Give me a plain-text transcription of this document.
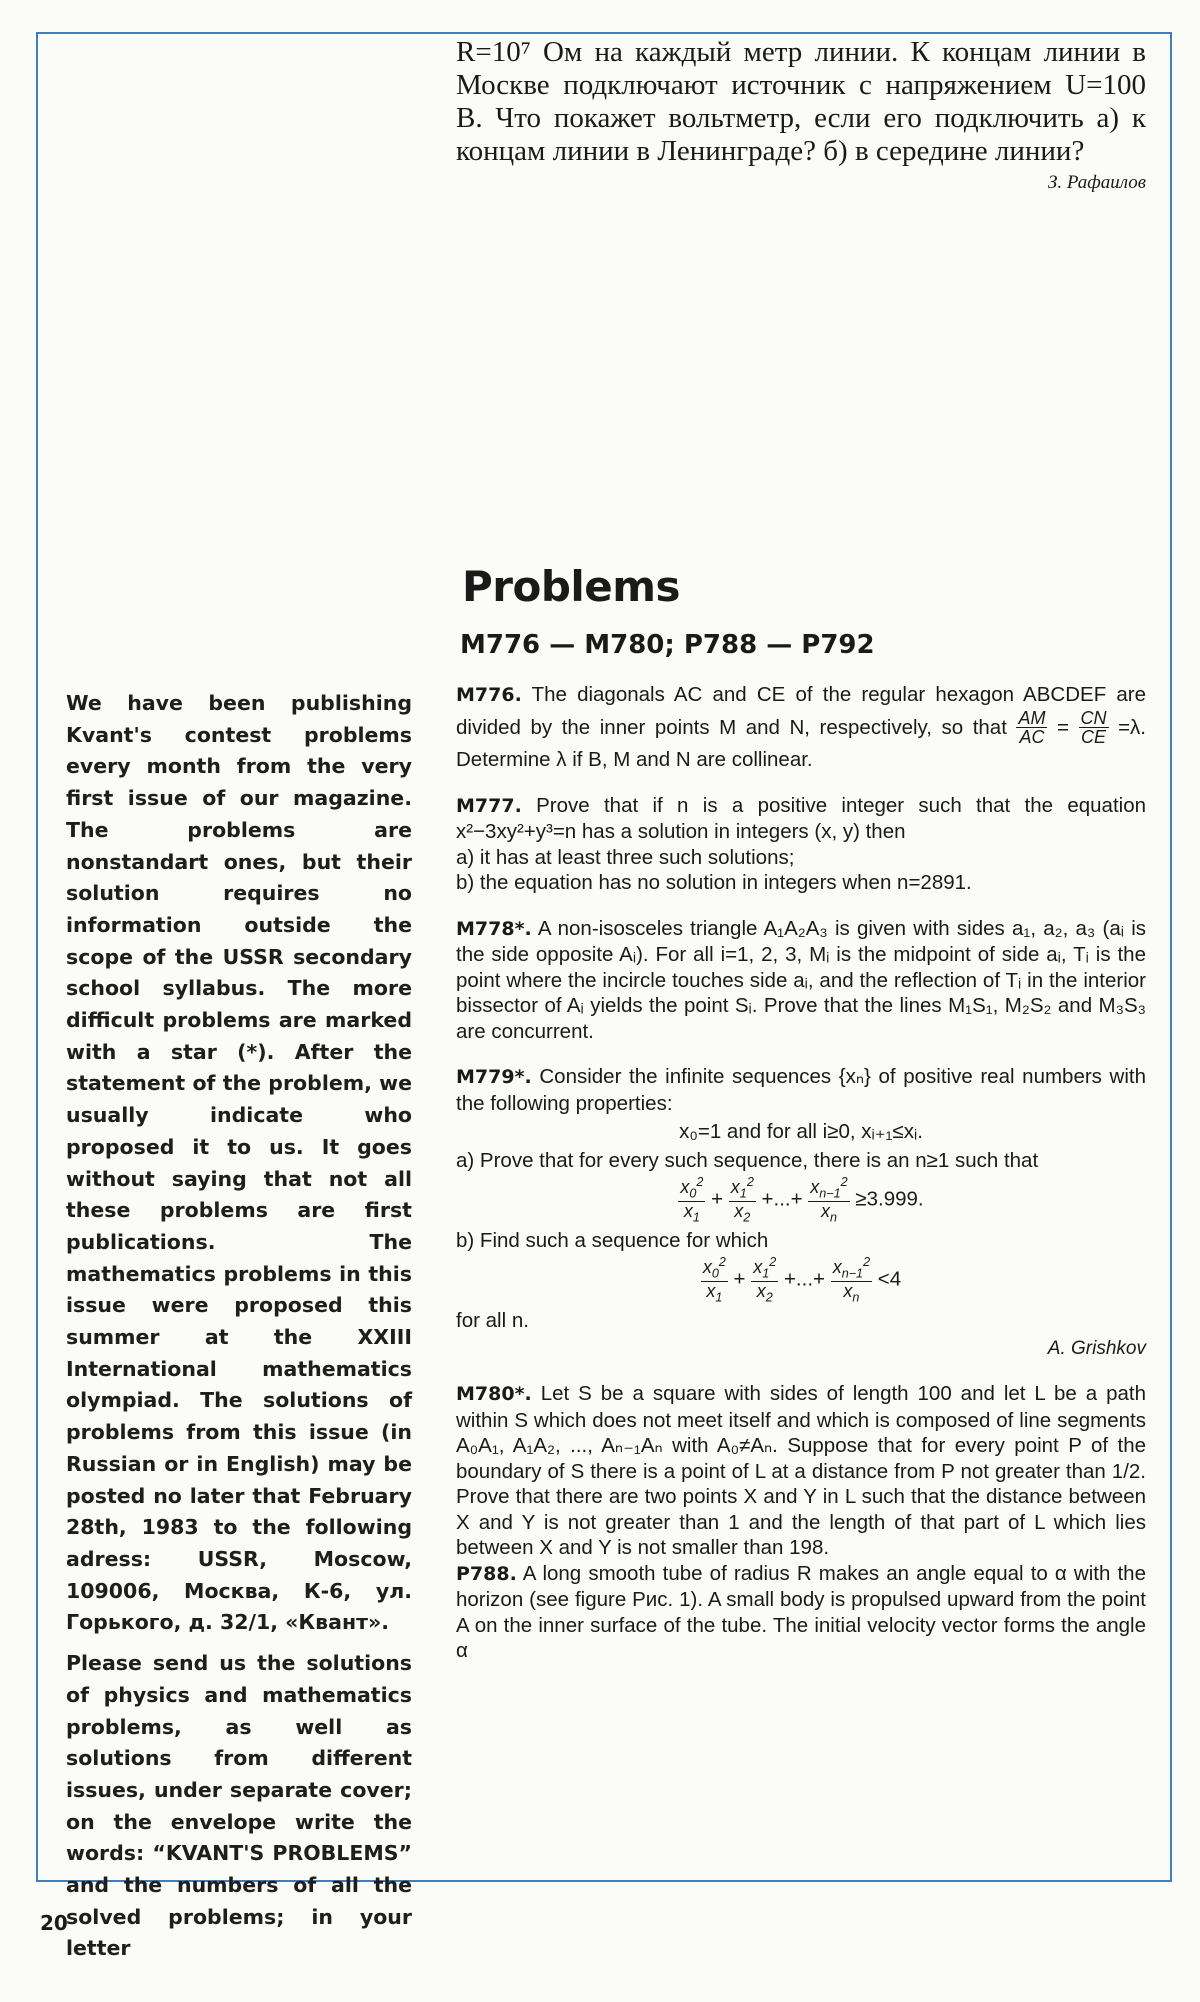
R=10⁷ Ом на каждый метр линии. К концам линии в Москве подключают источник с напряжением U=100 В. Что покажет вольтметр, если его подключить а) к концам линии в Ленинграде? б) в середине линии?

З. Рафаилов

Problems
M776 — M780; P788 — P792

We have been publishing Kvant's contest problems every month from the very first issue of our magazine. The problems are nonstandart ones, but their solution requires no information outside the scope of the USSR secondary school syllabus. The more difficult problems are marked with a star (*). After the statement of the problem, we usually indicate who proposed it to us. It goes without saying that not all these problems are first publications. The mathematics problems in this issue were proposed this summer at the XXIII International mathematics olympiad. The solutions of problems from this issue (in Russian or in English) may be posted no later that February 28th, 1983 to the following adress: USSR, Moscow, 109006, Москва, К-6, ул. Горького, д. 32/1, «Квант».

Please send us the solutions of physics and mathematics problems, as well as solutions from different issues, under separate cover; on the envelope write the words: “KVANT'S PROBLEMS” and the numbers of all the solved problems; in your letter

M776. The diagonals AC and CE of the regular hexagon ABCDEF are divided by the inner points M and N, respectively, so that $\frac{AM}{AC} = \frac{CN}{CE} =\lambda$. Determine λ if B, M and N are collinear.
M777. Prove that if n is a positive integer such that the equation x²−3xy²+y³=n has a solution in integers (x, y) then
a) it has at least three such solutions;
b) the equation has no solution in integers when n=2891.
M778*. A non-isosceles triangle A₁A₂A₃ is given with sides a₁, a₂, a₃ (aᵢ is the side opposite Aᵢ). For all i=1, 2, 3, Mᵢ is the midpoint of side aᵢ, Tᵢ is the point where the incircle touches side aᵢ, and the reflection of Tᵢ in the interior bissector of Aᵢ yields the point Sᵢ. Prove that the lines M₁S₁, M₂S₂ and M₃S₃ are concurrent.
M779*. Consider the infinite sequences {xₙ} of positive real numbers with the following properties:
x₀=1 and for all i≥0, xᵢ₊₁≤xᵢ.
a) Prove that for every such sequence, there is an n≥1 such that
$\frac{x_0^2}{x_1} + \frac{x_1^2}{x_2}$ +...+ $\frac{x_{n-1}^2}{x_n} \ge 3.999$.
b) Find such a sequence for which
$\frac{x_0^2}{x_1} + \frac{x_1^2}{x_2}$ +...+ $\frac{x_{n-1}^2}{x_n} <4$
for all n.
A. Grishkov
M780*. Let S be a square with sides of length 100 and let L be a path within S which does not meet itself and which is composed of line segments A₀A₁, A₁A₂, ..., Aₙ₋₁Aₙ with A₀≠Aₙ. Suppose that for every point P of the boundary of S there is a point of L at a distance from P not greater than 1/2. Prove that there are two points X and Y in L such that the distance between X and Y is not greater than 1 and the length of that part of L which lies between X and Y is not smaller than 198.
P788. A long smooth tube of radius R makes an angle equal to α with the horizon (see figure Рис. 1). A small body is propulsed upward from the point A on the inner surface of the tube. The initial velocity vector forms the angle α

20
